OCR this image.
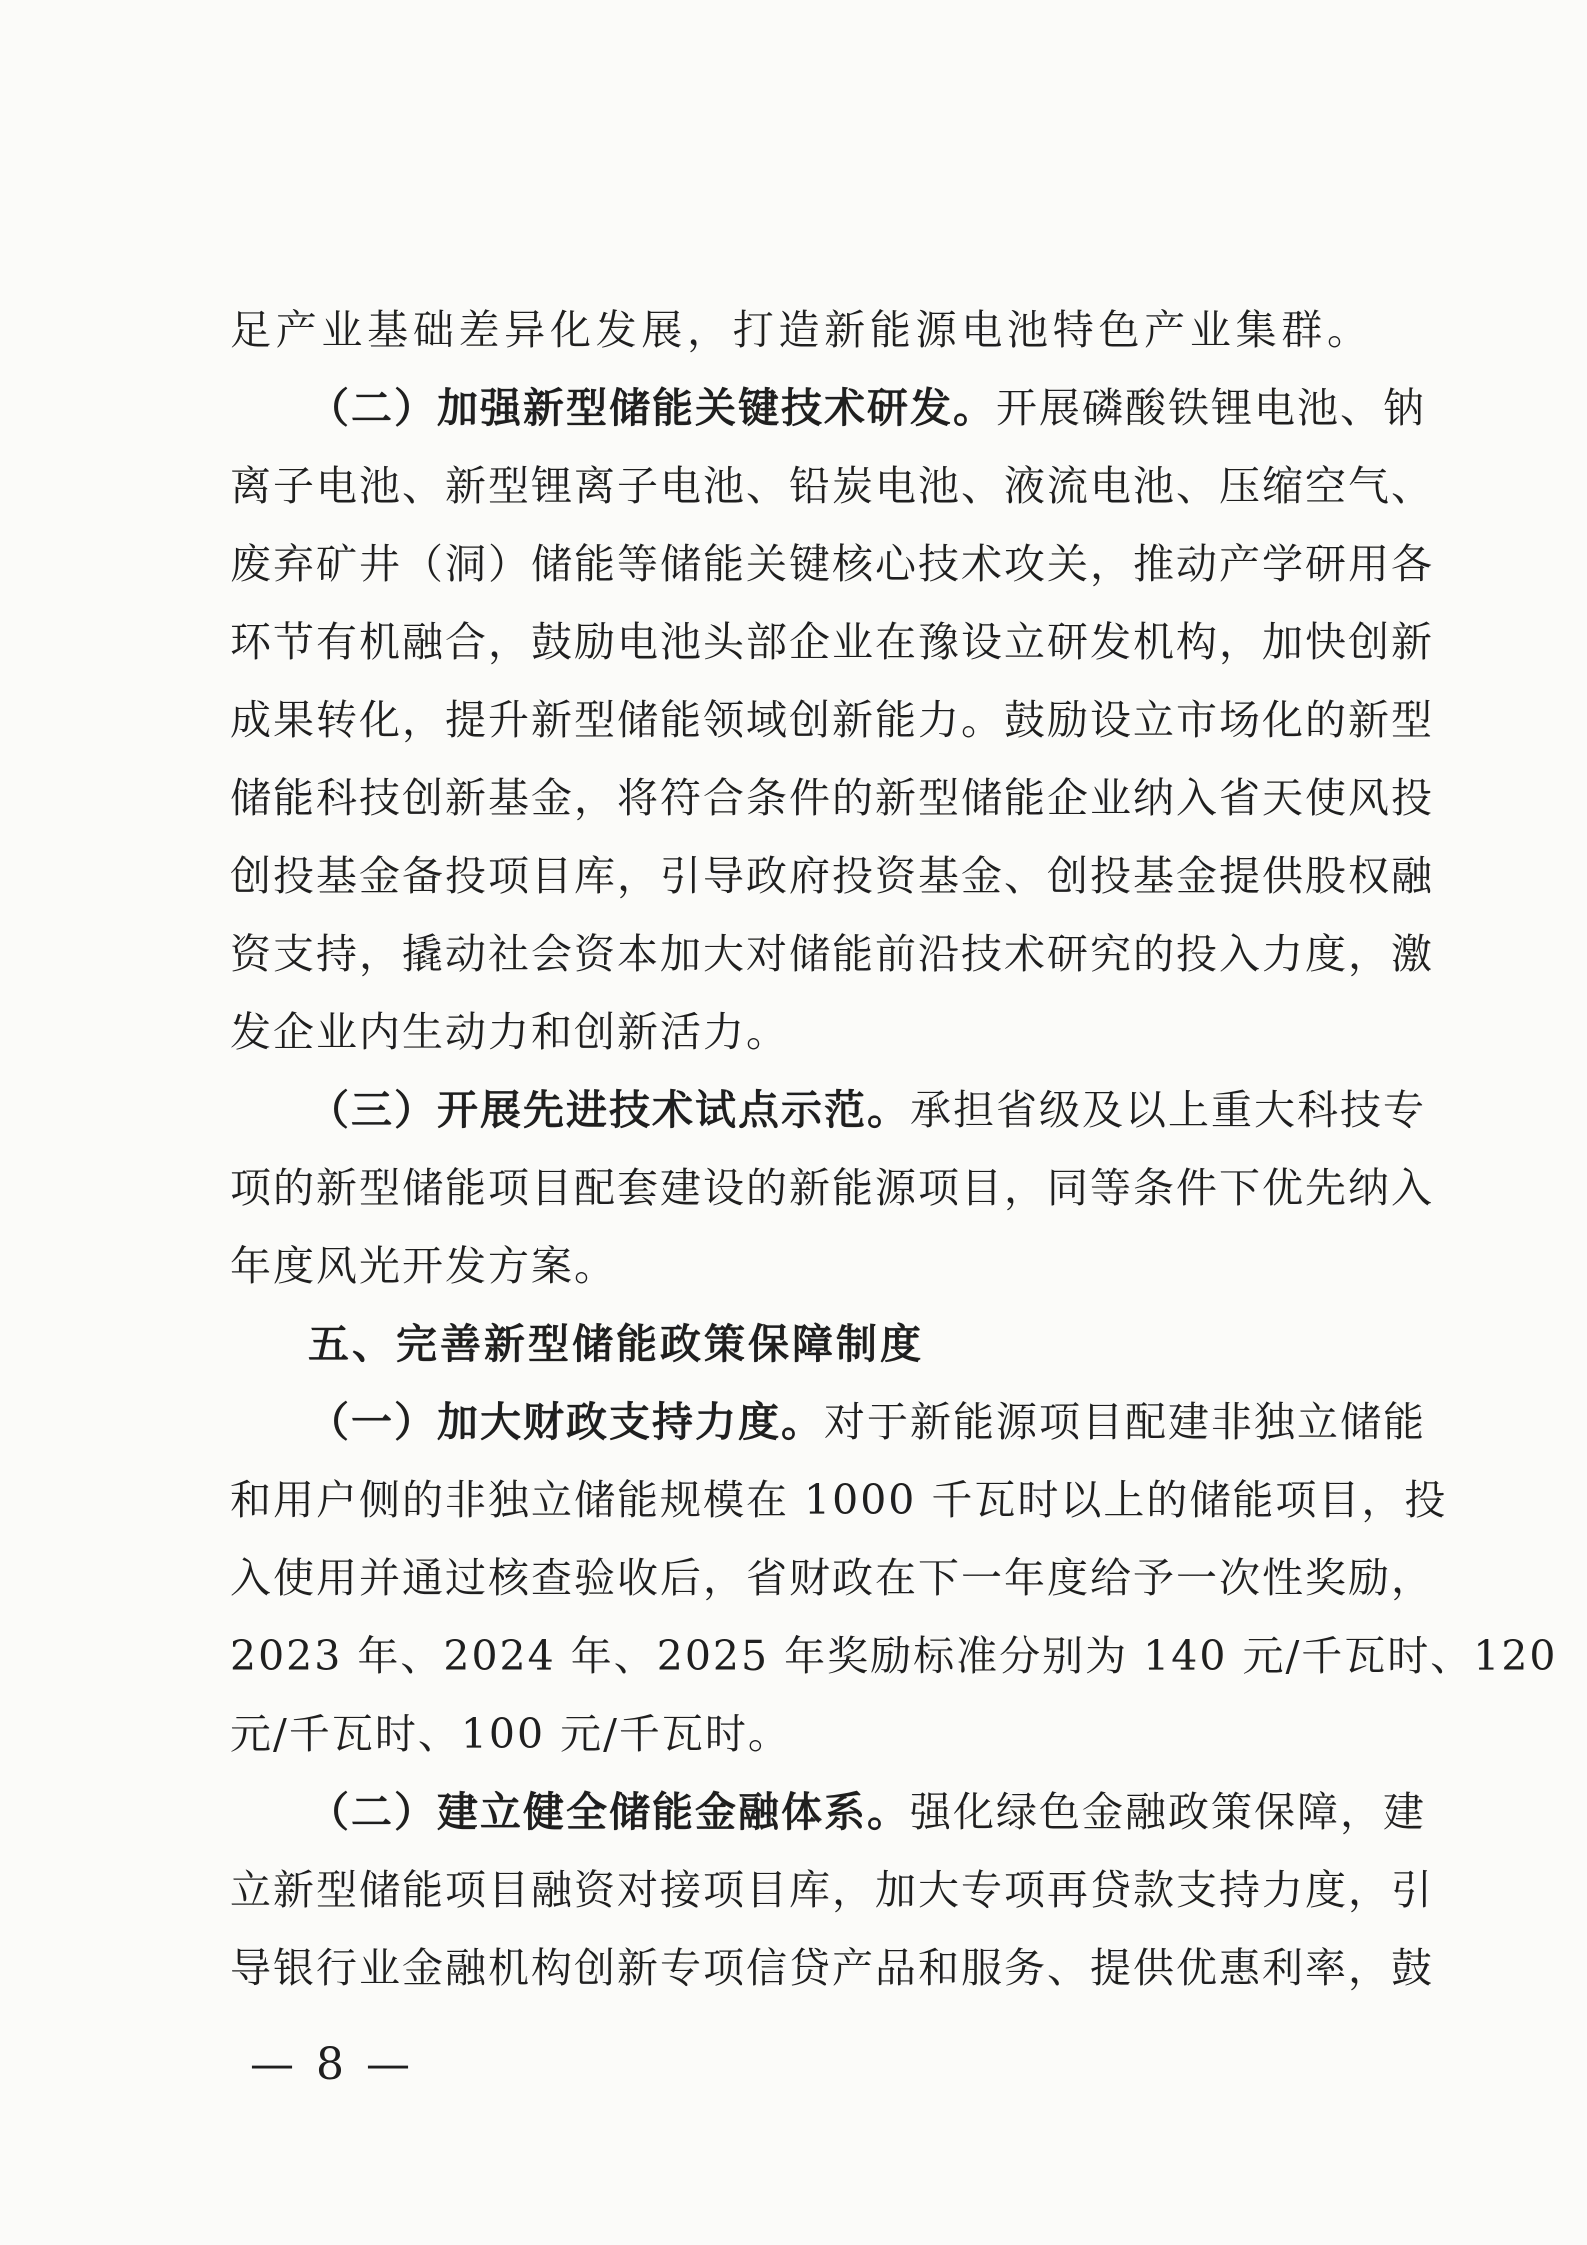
足产业基础差异化发展，打造新能源电池特色产业集群。
（二）加强新型储能关键技术研发。开展磷酸铁锂电池、钠
离子电池、新型锂离子电池、铅炭电池、液流电池、压缩空气、
废弃矿井（洞）储能等储能关键核心技术攻关，推动产学研用各
环节有机融合，鼓励电池头部企业在豫设立研发机构，加快创新
成果转化，提升新型储能领域创新能力。鼓励设立市场化的新型
储能科技创新基金，将符合条件的新型储能企业纳入省天使风投
创投基金备投项目库，引导政府投资基金、创投基金提供股权融
资支持，撬动社会资本加大对储能前沿技术研究的投入力度，激
发企业内生动力和创新活力。
（三）开展先进技术试点示范。承担省级及以上重大科技专
项的新型储能项目配套建设的新能源项目，同等条件下优先纳入
年度风光开发方案。
五、完善新型储能政策保障制度
（一）加大财政支持力度。对于新能源项目配建非独立储能
和用户侧的非独立储能规模在 1000 千瓦时以上的储能项目，投
入使用并通过核查验收后，省财政在下一年度给予一次性奖励，
2023 年、2024 年、2025 年奖励标准分别为 140 元/千瓦时、120
元/千瓦时、100 元/千瓦时。
（二）建立健全储能金融体系。强化绿色金融政策保障，建
立新型储能项目融资对接项目库，加大专项再贷款支持力度，引
导银行业金融机构创新专项信贷产品和服务、提供优惠利率，鼓
— 8 —
